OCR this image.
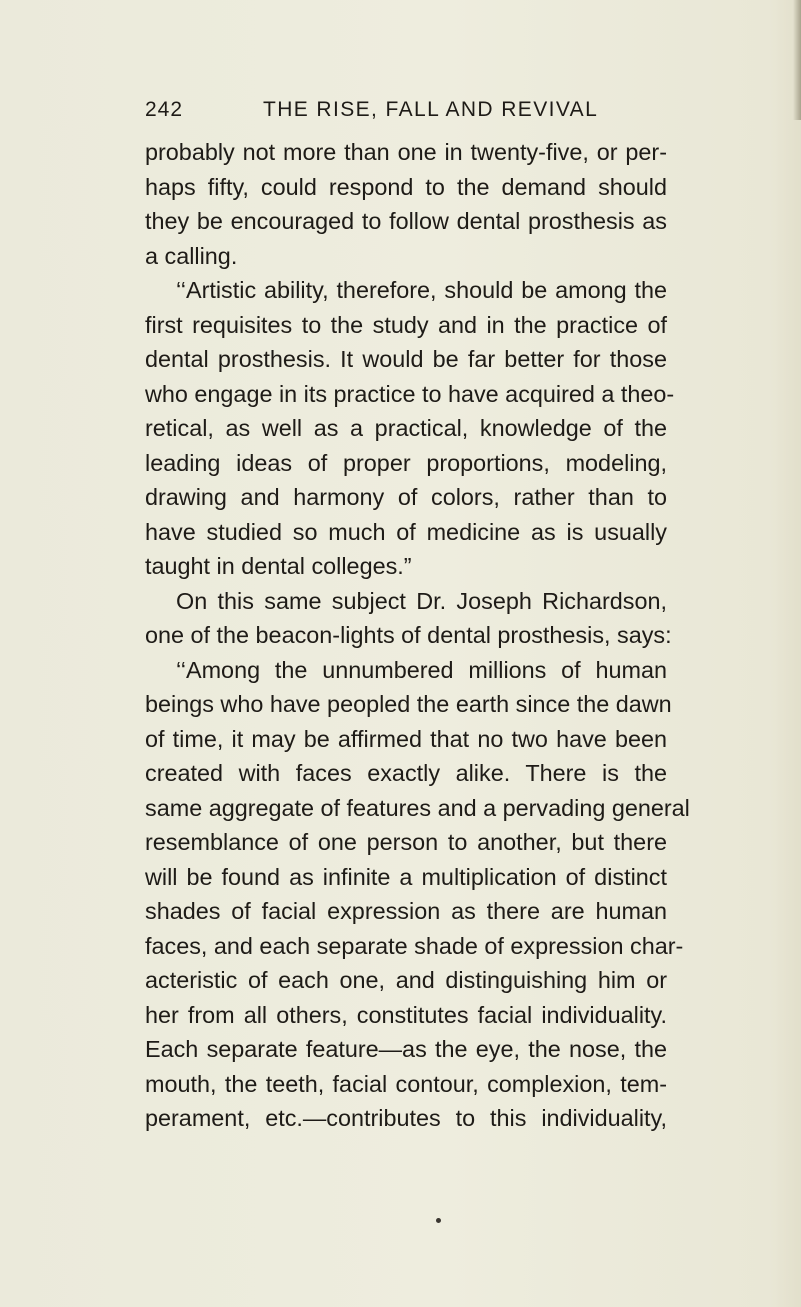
242	THE RISE, FALL AND REVIVAL
probably not more than one in twenty-five, or per-
haps fifty, could respond to the demand should
they be encouraged to follow dental prosthesis as
a calling.
‘‘Artistic ability, therefore, should be among the
first requisites to the study and in the practice of
dental prosthesis. It would be far better for those
who engage in its practice to have acquired a theo-
retical, as well as a practical, knowledge of the
leading ideas of proper proportions, modeling,
drawing and harmony of colors, rather than to
have studied so much of medicine as is usually
taught in dental colleges.”
On this same subject Dr. Joseph Richardson,
one of the beacon-lights of dental prosthesis, says:
‘‘Among the unnumbered millions of human
beings who have peopled the earth since the dawn
of time, it may be affirmed that no two have been
created with faces exactly alike. There is the
same aggregate of features and a pervading general
resemblance of one person to another, but there
will be found as infinite a multiplication of distinct
shades of facial expression as there are human
faces, and each separate shade of expression char-
acteristic of each one, and distinguishing him or
her from all others, constitutes facial individuality.
Each separate feature—as the eye, the nose, the
mouth, the teeth, facial contour, complexion, tem-
perament, etc.—contributes to this individuality,
